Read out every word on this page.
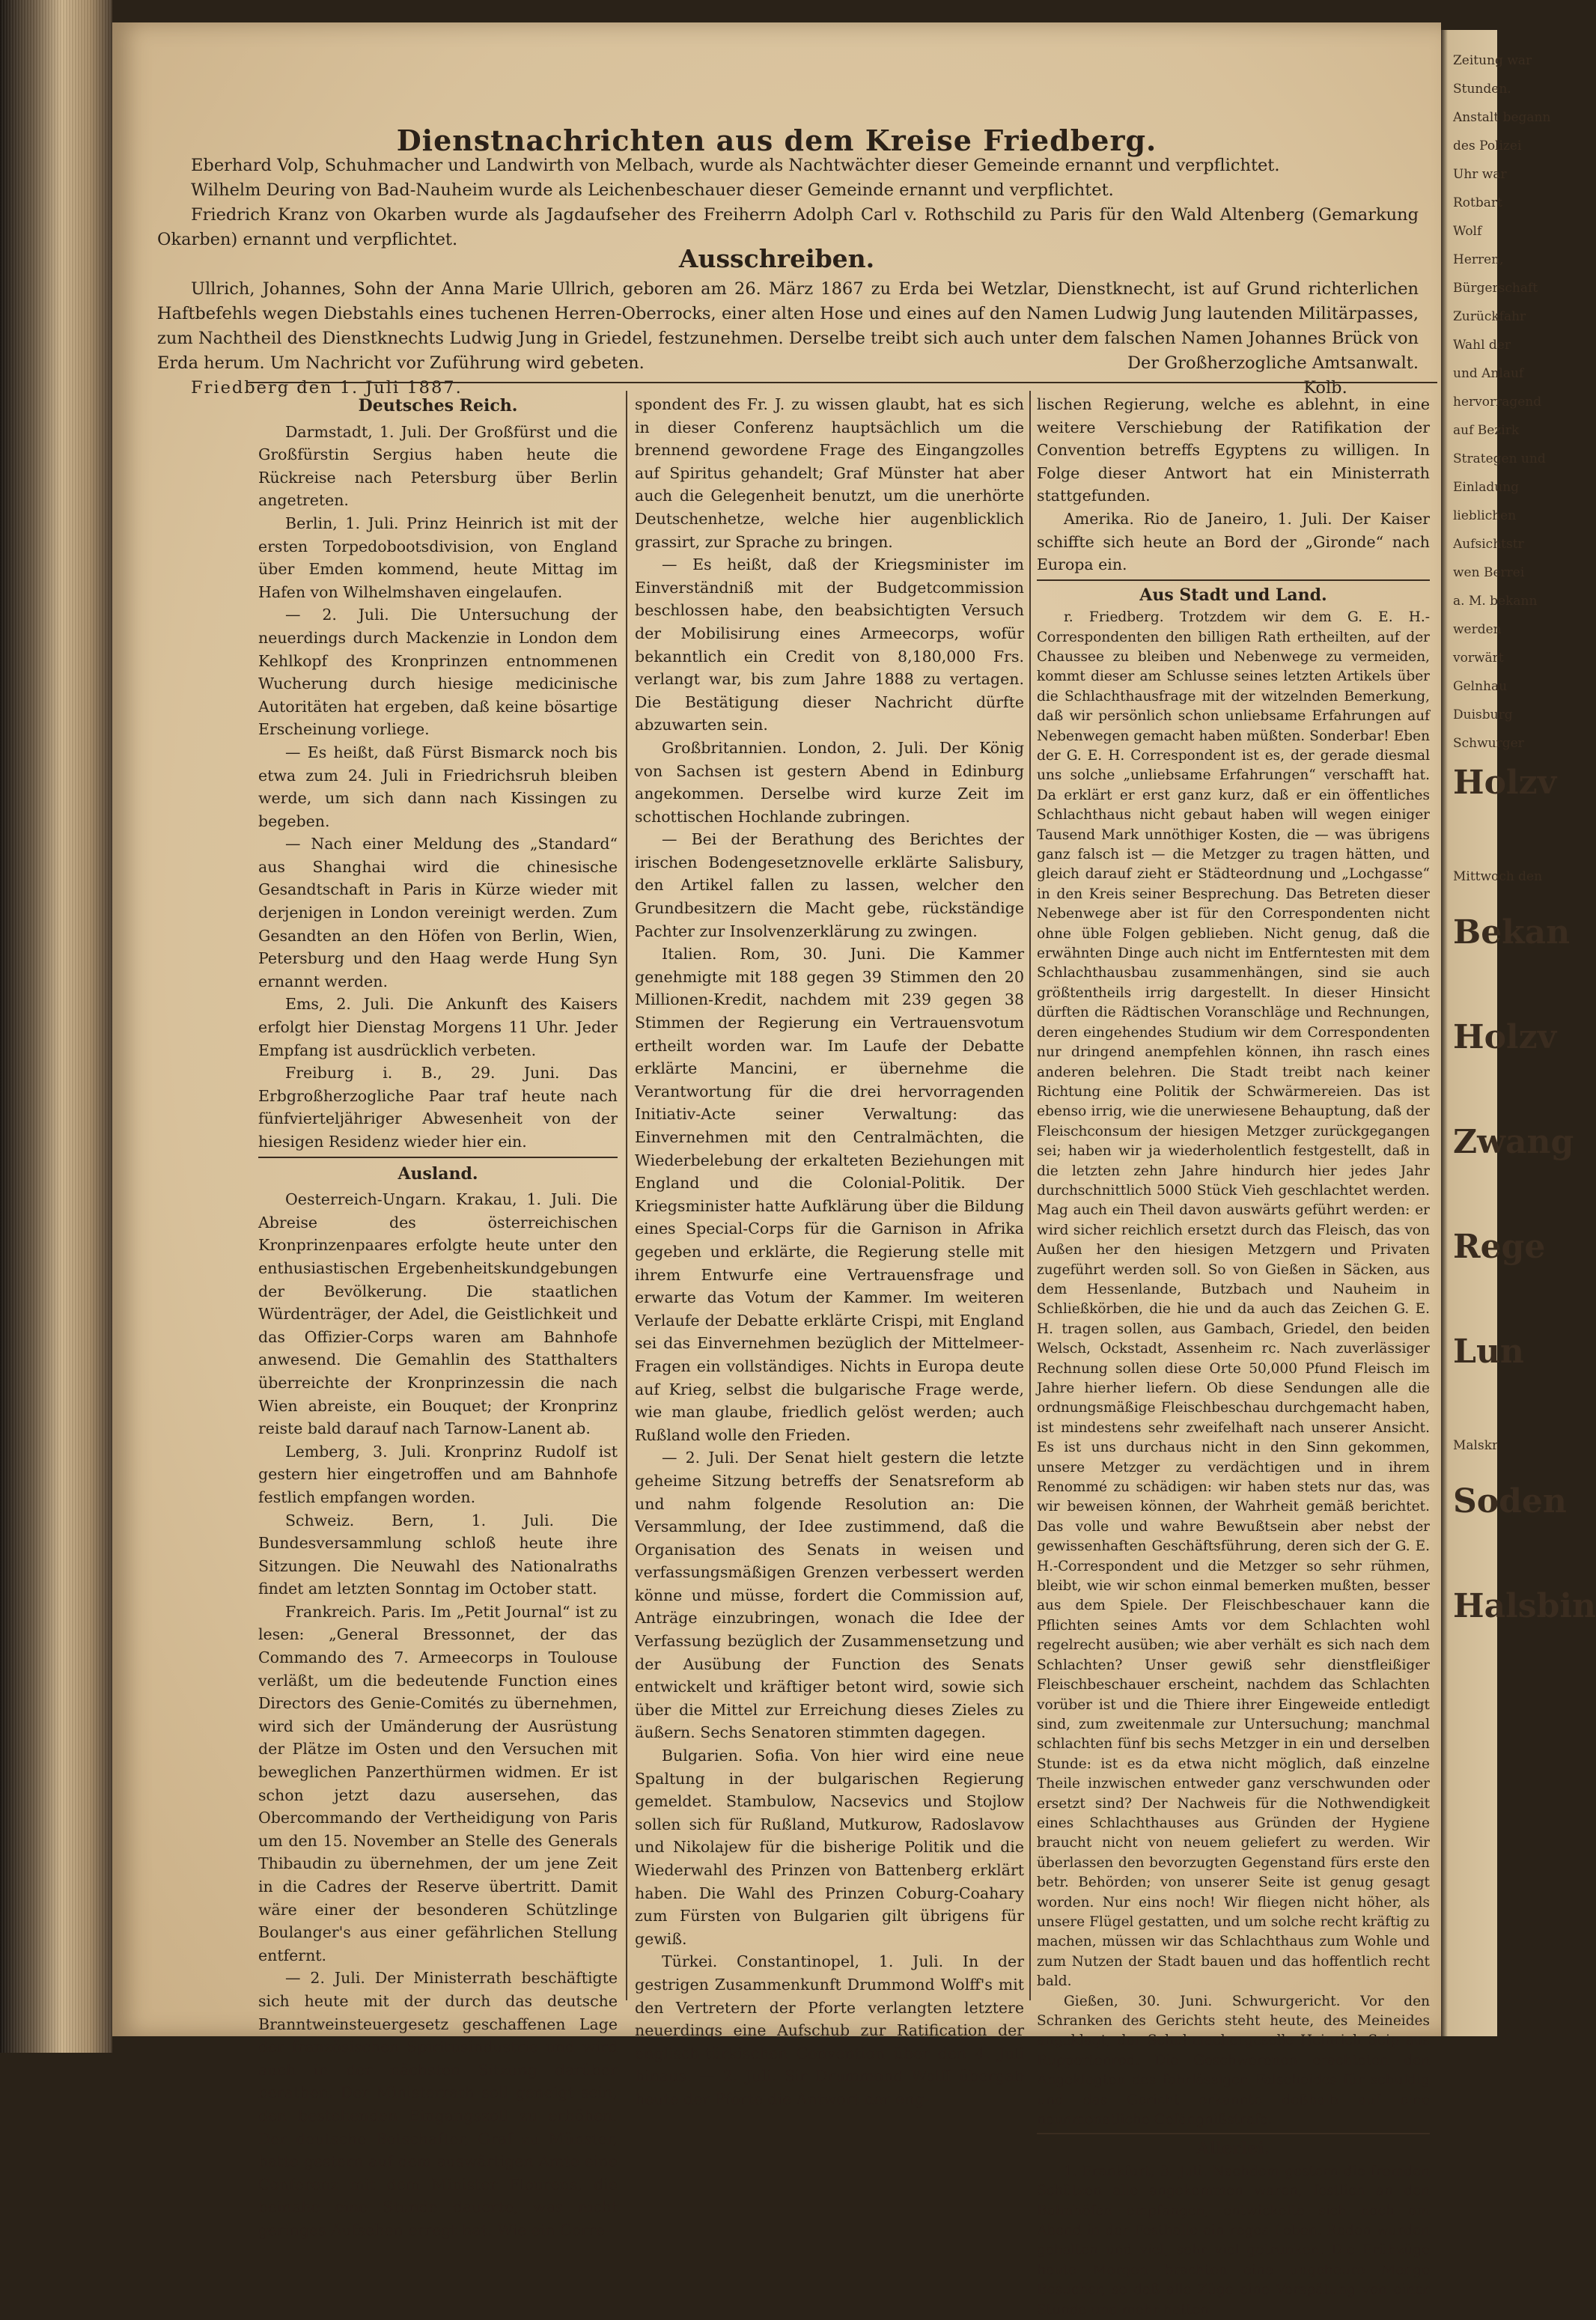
Zeitung war
Stunden.
Anstalt begann
des Polizei
Uhr war
Rotbart
Wolf
Herren,
Bürgerschaft
Zurückfahr
Wahl der
und Anlauf
hervorragend
auf Bezirk
Strategen und
Einladung
lieblichen
Aufsichtstr
wen Berrei
a. M. bekann
werden
vorwärt
Gelnhau
Duisburg
Schwurger
Holzv
Mittwoch den
Bekan
Holzv
Zwang
Rege
Lun
Malskr
Soden
Halsbin
Dienstnachrichten aus dem Kreise Friedberg.

Eberhard Volp, Schuhmacher und Landwirth von Melbach, wurde als Nachtwächter dieser Gemeinde ernannt und verpflichtet.

Wilhelm Deuring von Bad-Nauheim wurde als Leichenbeschauer dieser Gemeinde ernannt und verpflichtet.

Friedrich Kranz von Okarben wurde als Jagdaufseher des Freiherrn Adolph Carl v. Rothschild zu Paris für den Wald Altenberg (Gemarkung Okarben) ernannt und verpflichtet.

Ausschreiben.

Ullrich, Johannes, Sohn der Anna Marie Ullrich, geboren am 26. März 1867 zu Erda bei Wetzlar, Dienstknecht, ist auf Grund richterlichen Haftbefehls wegen Diebstahls eines tuchenen Herren-Oberrocks, einer alten Hose und eines auf den Namen Ludwig Jung lautenden Militärpasses, zum Nachtheil des Dienstknechts Ludwig Jung in Griedel, festzunehmen. Derselbe treibt sich auch unter dem falschen Namen Johannes Brück von Erda herum. Um Nachricht vor Zuführung wird gebeten.

Friedberg den 1. Juli 1887.
Der Großherzogliche Amtsanwalt.
Kolb.
Deutsches Reich.

Darmstadt, 1. Juli. Der Großfürst und die Großfürstin Sergius haben heute die Rückreise nach Petersburg über Berlin angetreten.

Berlin, 1. Juli. Prinz Heinrich ist mit der ersten Torpedobootsdivision, von England über Emden kommend, heute Mittag im Hafen von Wilhelmshaven eingelaufen.

— 2. Juli. Die Untersuchung der neuerdings durch Mackenzie in London dem Kehlkopf des Kronprinzen entnommenen Wucherung durch hiesige medicinische Autoritäten hat ergeben, daß keine bösartige Erscheinung vorliege.

— Es heißt, daß Fürst Bismarck noch bis etwa zum 24. Juli in Friedrichsruh bleiben werde, um sich dann nach Kissingen zu begeben.

— Nach einer Meldung des „Standard“ aus Shanghai wird die chinesische Gesandtschaft in Paris in Kürze wieder mit derjenigen in London vereinigt werden. Zum Gesandten an den Höfen von Berlin, Wien, Petersburg und den Haag werde Hung Syn ernannt werden.

Ems, 2. Juli. Die Ankunft des Kaisers erfolgt hier Dienstag Morgens 11 Uhr. Jeder Empfang ist ausdrücklich verbeten.

Freiburg i. B., 29. Juni. Das Erbgroßherzogliche Paar traf heute nach fünfvierteljähriger Abwesenheit von der hiesigen Residenz wieder hier ein.

Ausland.

Oesterreich-Ungarn. Krakau, 1. Juli. Die Abreise des österreichischen Kronprinzenpaares erfolgte heute unter den enthusiastischen Ergebenheitskundgebungen der Bevölkerung. Die staatlichen Würdenträger, der Adel, die Geistlichkeit und das Offizier-Corps waren am Bahnhofe anwesend. Die Gemahlin des Statthalters überreichte der Kronprinzessin die nach Wien abreiste, ein Bouquet; der Kronprinz reiste bald darauf nach Tarnow-Lanent ab.

Lemberg, 3. Juli. Kronprinz Rudolf ist gestern hier eingetroffen und am Bahnhofe festlich empfangen worden.

Schweiz. Bern, 1. Juli. Die Bundesversammlung schloß heute ihre Sitzungen. Die Neuwahl des Nationalraths findet am letzten Sonntag im October statt.

Frankreich. Paris. Im „Petit Journal“ ist zu lesen: „General Bressonnet, der das Commando des 7. Armeecorps in Toulouse verläßt, um die bedeutende Function eines Directors des Genie-Comités zu übernehmen, wird sich der Umänderung der Ausrüstung der Plätze im Osten und den Versuchen mit beweglichen Panzerthürmen widmen. Er ist schon jetzt dazu ausersehen, das Obercommando der Vertheidigung von Paris um den 15. November an Stelle des Generals Thibaudin zu übernehmen, der um jene Zeit in die Cadres der Reserve übertritt. Damit wäre einer der besonderen Schützlinge Boulanger's aus einer gefährlichen Stellung entfernt.

— 2. Juli. Der Ministerrath beschäftigte sich heute mit der durch das deutsche Branntweinsteuergesetz geschaffenen Lage der französischen Spiritusindustrie und wird auch in der nächsten Sitzung darüber berathen. Der Ministerrath soll geneigt sein, den bestehenden Eingangszoll zu erhöhen. Der deutsche Botschafter, Graf zu Münster, hatte gestern auf dem auswärtigen Amte eine Conferenz mit dem Minister Flourens, die beinahe eine Stunde dauerte, was nicht geringes Aufsehen erregt hat. Wie ein Corre-

spondent des Fr. J. zu wissen glaubt, hat es sich in dieser Conferenz hauptsächlich um die brennend gewordene Frage des Eingangzolles auf Spiritus gehandelt; Graf Münster hat aber auch die Gelegenheit benutzt, um die unerhörte Deutschenhetze, welche hier augenblicklich grassirt, zur Sprache zu bringen.

— Es heißt, daß der Kriegsminister im Einverständniß mit der Budgetcommission beschlossen habe, den beabsichtigten Versuch der Mobilisirung eines Armeecorps, wofür bekanntlich ein Credit von 8,180,000 Frs. verlangt war, bis zum Jahre 1888 zu vertagen. Die Bestätigung dieser Nachricht dürfte abzuwarten sein.

Großbritannien. London, 2. Juli. Der König von Sachsen ist gestern Abend in Edinburg angekommen. Derselbe wird kurze Zeit im schottischen Hochlande zubringen.

— Bei der Berathung des Berichtes der irischen Bodengesetznovelle erklärte Salisbury, den Artikel fallen zu lassen, welcher den Grundbesitzern die Macht gebe, rückständige Pachter zur Insolvenzerklärung zu zwingen.

Italien. Rom, 30. Juni. Die Kammer genehmigte mit 188 gegen 39 Stimmen den 20 Millionen-Kredit, nachdem mit 239 gegen 38 Stimmen der Regierung ein Vertrauensvotum ertheilt worden war. Im Laufe der Debatte erklärte Mancini, er übernehme die Verantwortung für die drei hervorragenden Initiativ-Acte seiner Verwaltung: das Einvernehmen mit den Centralmächten, die Wiederbelebung der erkalteten Beziehungen mit England und die Colonial-Politik. Der Kriegsminister hatte Aufklärung über die Bildung eines Special-Corps für die Garnison in Afrika gegeben und erklärte, die Regierung stelle mit ihrem Entwurfe eine Vertrauensfrage und erwarte das Votum der Kammer. Im weiteren Verlaufe der Debatte erklärte Crispi, mit England sei das Einvernehmen bezüglich der Mittelmeer-Fragen ein vollständiges. Nichts in Europa deute auf Krieg, selbst die bulgarische Frage werde, wie man glaube, friedlich gelöst werden; auch Rußland wolle den Frieden.

— 2. Juli. Der Senat hielt gestern die letzte geheime Sitzung betreffs der Senatsreform ab und nahm folgende Resolution an: Die Versammlung, der Idee zustimmend, daß die Organisation des Senats in weisen und verfassungsmäßigen Grenzen verbessert werden könne und müsse, fordert die Commission auf, Anträge einzubringen, wonach die Idee der Verfassung bezüglich der Zusammensetzung und der Ausübung der Function des Senats entwickelt und kräftiger betont wird, sowie sich über die Mittel zur Erreichung dieses Zieles zu äußern. Sechs Senatoren stimmten dagegen.

Bulgarien. Sofia. Von hier wird eine neue Spaltung in der bulgarischen Regierung gemeldet. Stambulow, Nacsevics und Stojlow sollen sich für Rußland, Mutkurow, Radoslavow und Nikolajew für die bisherige Politik und die Wiederwahl des Prinzen von Battenberg erklärt haben. Die Wahl des Prinzen Coburg-Coahary zum Fürsten von Bulgarien gilt übrigens für gewiß.

Türkei. Constantinopel, 1. Juli. In der gestrigen Zusammenkunft Drummond Wolff's mit den Vertretern der Pforte verlangten letztere neuerdings eine Aufschub zur Ratification der englisch-türkischen Convention über den 4. Juli hinaus. — 2. Juli. Sir Drummond Wolff übergab heute der Pforte die Antwort der eng-

lischen Regierung, welche es ablehnt, in eine weitere Verschiebung der Ratifikation der Convention betreffs Egyptens zu willigen. In Folge dieser Antwort hat ein Ministerrath stattgefunden.

Amerika. Rio de Janeiro, 1. Juli. Der Kaiser schiffte sich heute an Bord der „Gironde“ nach Europa ein.

Aus Stadt und Land.

r. Friedberg. Trotzdem wir dem G. E. H.-Correspondenten den billigen Rath ertheilten, auf der Chaussee zu bleiben und Nebenwege zu vermeiden, kommt dieser am Schlusse seines letzten Artikels über die Schlachthausfrage mit der witzelnden Bemerkung, daß wir persönlich schon unliebsame Erfahrungen auf Nebenwegen gemacht haben müßten. Sonderbar! Eben der G. E. H. Correspondent ist es, der gerade diesmal uns solche „unliebsame Erfahrungen“ verschafft hat. Da erklärt er erst ganz kurz, daß er ein öffentliches Schlachthaus nicht gebaut haben will wegen einiger Tausend Mark unnöthiger Kosten, die — was übrigens ganz falsch ist — die Metzger zu tragen hätten, und gleich darauf zieht er Städteordnung und „Lochgasse“ in den Kreis seiner Besprechung. Das Betreten dieser Nebenwege aber ist für den Correspondenten nicht ohne üble Folgen geblieben. Nicht genug, daß die erwähnten Dinge auch nicht im Entferntesten mit dem Schlachthausbau zusammenhängen, sind sie auch größtentheils irrig dargestellt. In dieser Hinsicht dürften die Rädtischen Voranschläge und Rechnungen, deren eingehendes Studium wir dem Correspondenten nur dringend anempfehlen können, ihn rasch eines anderen belehren. Die Stadt treibt nach keiner Richtung eine Politik der Schwärmereien. Das ist ebenso irrig, wie die unerwiesene Behauptung, daß der Fleischconsum der hiesigen Metzger zurückgegangen sei; haben wir ja wiederholentlich festgestellt, daß in die letzten zehn Jahre hindurch hier jedes Jahr durchschnittlich 5000 Stück Vieh geschlachtet werden. Mag auch ein Theil davon auswärts geführt werden: er wird sicher reichlich ersetzt durch das Fleisch, das von Außen her den hiesigen Metzgern und Privaten zugeführt werden soll. So von Gießen in Säcken, aus dem Hessenlande, Butzbach und Nauheim in Schließkörben, die hie und da auch das Zeichen G. E. H. tragen sollen, aus Gambach, Griedel, den beiden Welsch, Ockstadt, Assenheim rc. Nach zuverlässiger Rechnung sollen diese Orte 50,000 Pfund Fleisch im Jahre hierher liefern. Ob diese Sendungen alle die ordnungsmäßige Fleischbeschau durchgemacht haben, ist mindestens sehr zweifelhaft nach unserer Ansicht. Es ist uns durchaus nicht in den Sinn gekommen, unsere Metzger zu verdächtigen und in ihrem Renommé zu schädigen: wir haben stets nur das, was wir beweisen können, der Wahrheit gemäß berichtet. Das volle und wahre Bewußtsein aber nebst der gewissenhaften Geschäftsführung, deren sich der G. E. H.-Correspondent und die Metzger so sehr rühmen, bleibt, wie wir schon einmal bemerken mußten, besser aus dem Spiele. Der Fleischbeschauer kann die Pflichten seines Amts vor dem Schlachten wohl regelrecht ausüben; wie aber verhält es sich nach dem Schlachten? Unser gewiß sehr dienstfleißiger Fleischbeschauer erscheint, nachdem das Schlachten vorüber ist und die Thiere ihrer Eingeweide entledigt sind, zum zweitenmale zur Untersuchung; manchmal schlachten fünf bis sechs Metzger in ein und derselben Stunde: ist es da etwa nicht möglich, daß einzelne Theile inzwischen entweder ganz verschwunden oder ersetzt sind? Der Nachweis für die Nothwendigkeit eines Schlachthauses aus Gründen der Hygiene braucht nicht von neuem geliefert zu werden. Wir überlassen den bevorzugten Gegenstand fürs erste den betr. Behörden; von unserer Seite ist genug gesagt worden. Nur eins noch! Wir fliegen nicht höher, als unsere Flügel gestatten, und um solche recht kräftig zu machen, müssen wir das Schlachthaus zum Wohle und zum Nutzen der Stadt bauen und das hoffentlich recht bald.

Gießen, 30. Juni. Schwurgericht. Vor den Schranken des Gerichts steht heute, des Meineides angeklagt, der Schuhmachergeselle Heinrich Seip aus Ruppertenrod. Die Geschworenen erachteten den Angeklagten des fahrlässigen Falscheides für schuldig und das Gericht erkannte deßhalb auf eine neunmonatliche Gefängnißstrafe.

Allerlei.

1. Frankfurt, 3. Juli. Nachdem gestern die fremden Schützen alle angekommen waren, festlich an den Bahnhöfen empfangen, entwickelte sich noch am Abend in der Festhalle ein reges Leben. Reden wurden gehalten und viel, sehr viel getrunken. Die Frühzüge heute Morgen brachten eine ungeheure Menge Besucher, so daß alle Züge eine Verspätung von einer Stunde und mehr hatten.
